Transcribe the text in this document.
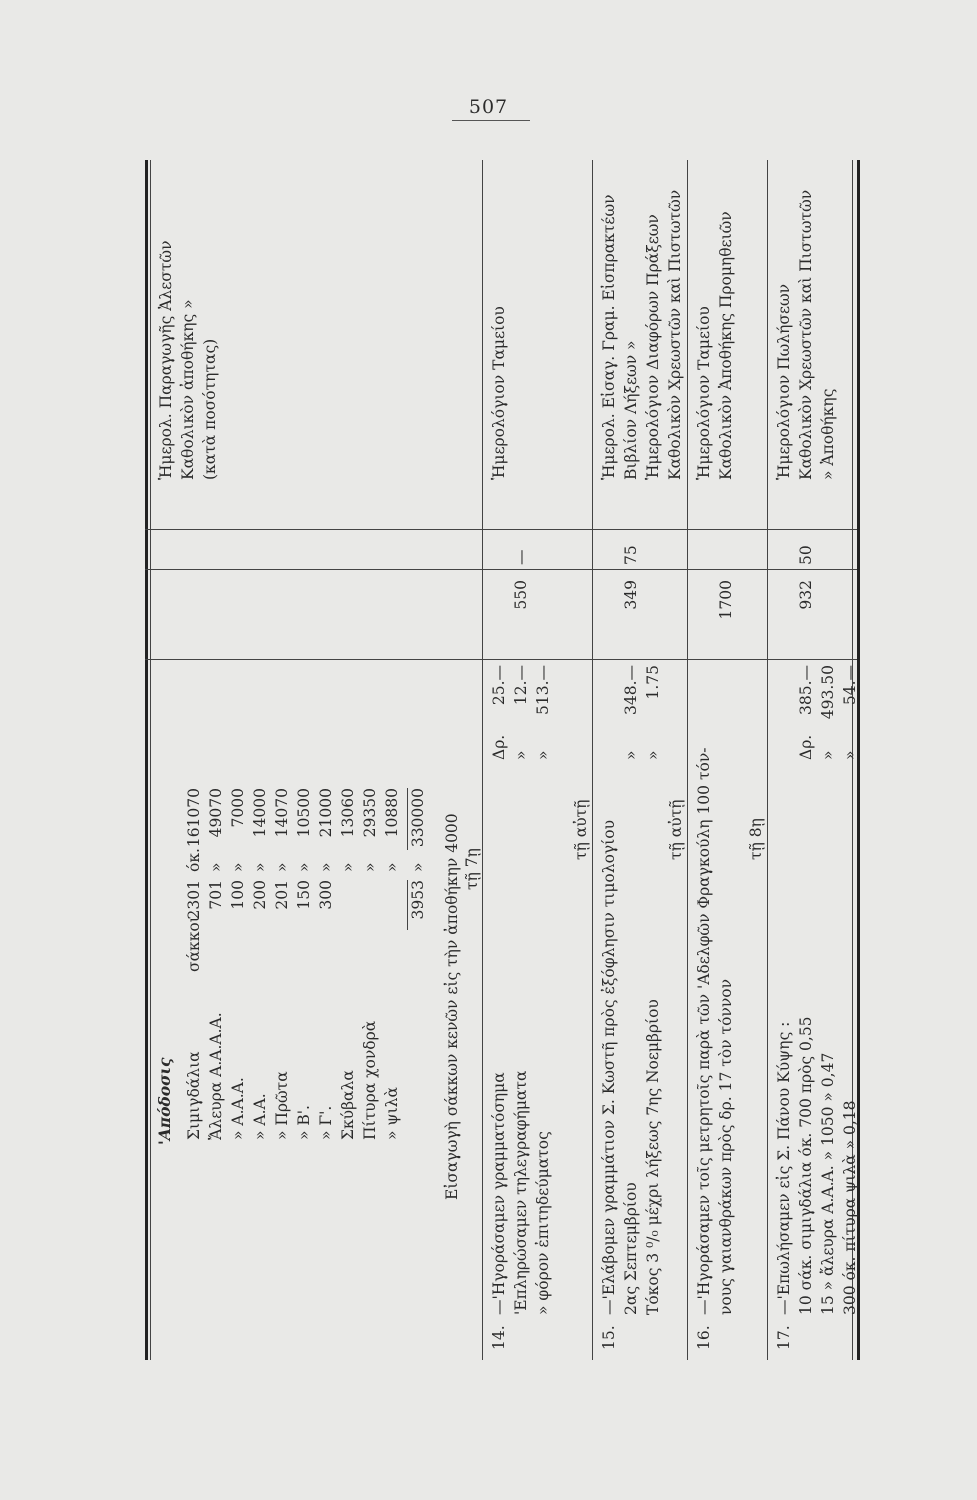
507
'Απόδοσις Σιμιγδάλια
σάκκοι
2301
όκ.
161070
Ἄλευρα Α.Α.Α.Α.
701
»
49070
» Α.Α.Α.
100
»
7000
» Α.Α.
200
»
14000
» Πρῶτα
201
»
14070
» Β'.
150
»
10500
» Γ'.
300
»
21000
Σκύβαλα
»
13060
Πίτυρα χονδρὰ
»
29350
» ψιλὰ
»
10880
3953
»
330000 Εἰσαγωγὴ σάκκων κενῶν εἰς τὴν ἀποθήκην 4000 τῇ 7ῃ
14.
—'Ηγοράσαμεν γραμματόσημα
Δρ.
25.—
'Επληρώσαμεν τηλεγραφήματα
»
12.—
» φόρον ἐπιτηδεύματος
»
513.—
550
—
Ἡμερολόγιον Ταμείου
15.
τῇ αὐτῇ —'Ελάβομεν γραμμάτιον Σ. Κωστῆ πρὸς ἐξόφλησιν τιμολογίου 2ας Σεπτεμβρίου
»
348.—
Τόκος 3 ⁰/₀ μέχρι λήξεως 7ης Νοεμβρίου
»
1.75
349
75
Ἡμερολ. Εἰσαγ. Γραμ. Εἰσπρακτέων Βιβλίον Λήξεων » Ἡμερολόγιον Διαφόρων Πράξεων Καθολικὸν Χρεωστῶν καὶ Πιστωτῶν
16.
τῇ αὐτῇ —'Ηγοράσαμεν τοῖς μετρητοῖς παρὰ τῶν 'Αδελφῶν Φραγκούλη 100 τόν- νους γαιανθράκων πρὸς δρ. 17 τὸν τόννον
1700
Ἡμερολόγιον Ταμείου Καθολικὸν Ἀποθήκης Προμηθειῶν
17.
τῇ 8ῃ
—'Επωλήσαμεν εἰς Σ. Πάνου Κύψης : 10 σάκ. σιμιγδάλια όκ. 700 πρὸς 0,55
Δρ.
385.—
15 » ἄλευρα Α.Α.Α. » 1050 » 0,47
»
493.50
300 όκ. πίτυρα ψιλὰ » 0,18
»
54.—
932
50
Ἡμερολόγιον Πωλήσεων Καθολικὸν Χρεωστῶν καὶ Πιστωτῶν » Ἀποθήκης
Ἡμερολ. Παραγωγῆς Ἀλεστῶν Καθολικὸν ἀποθήκης » (κατὰ ποσότητας)
